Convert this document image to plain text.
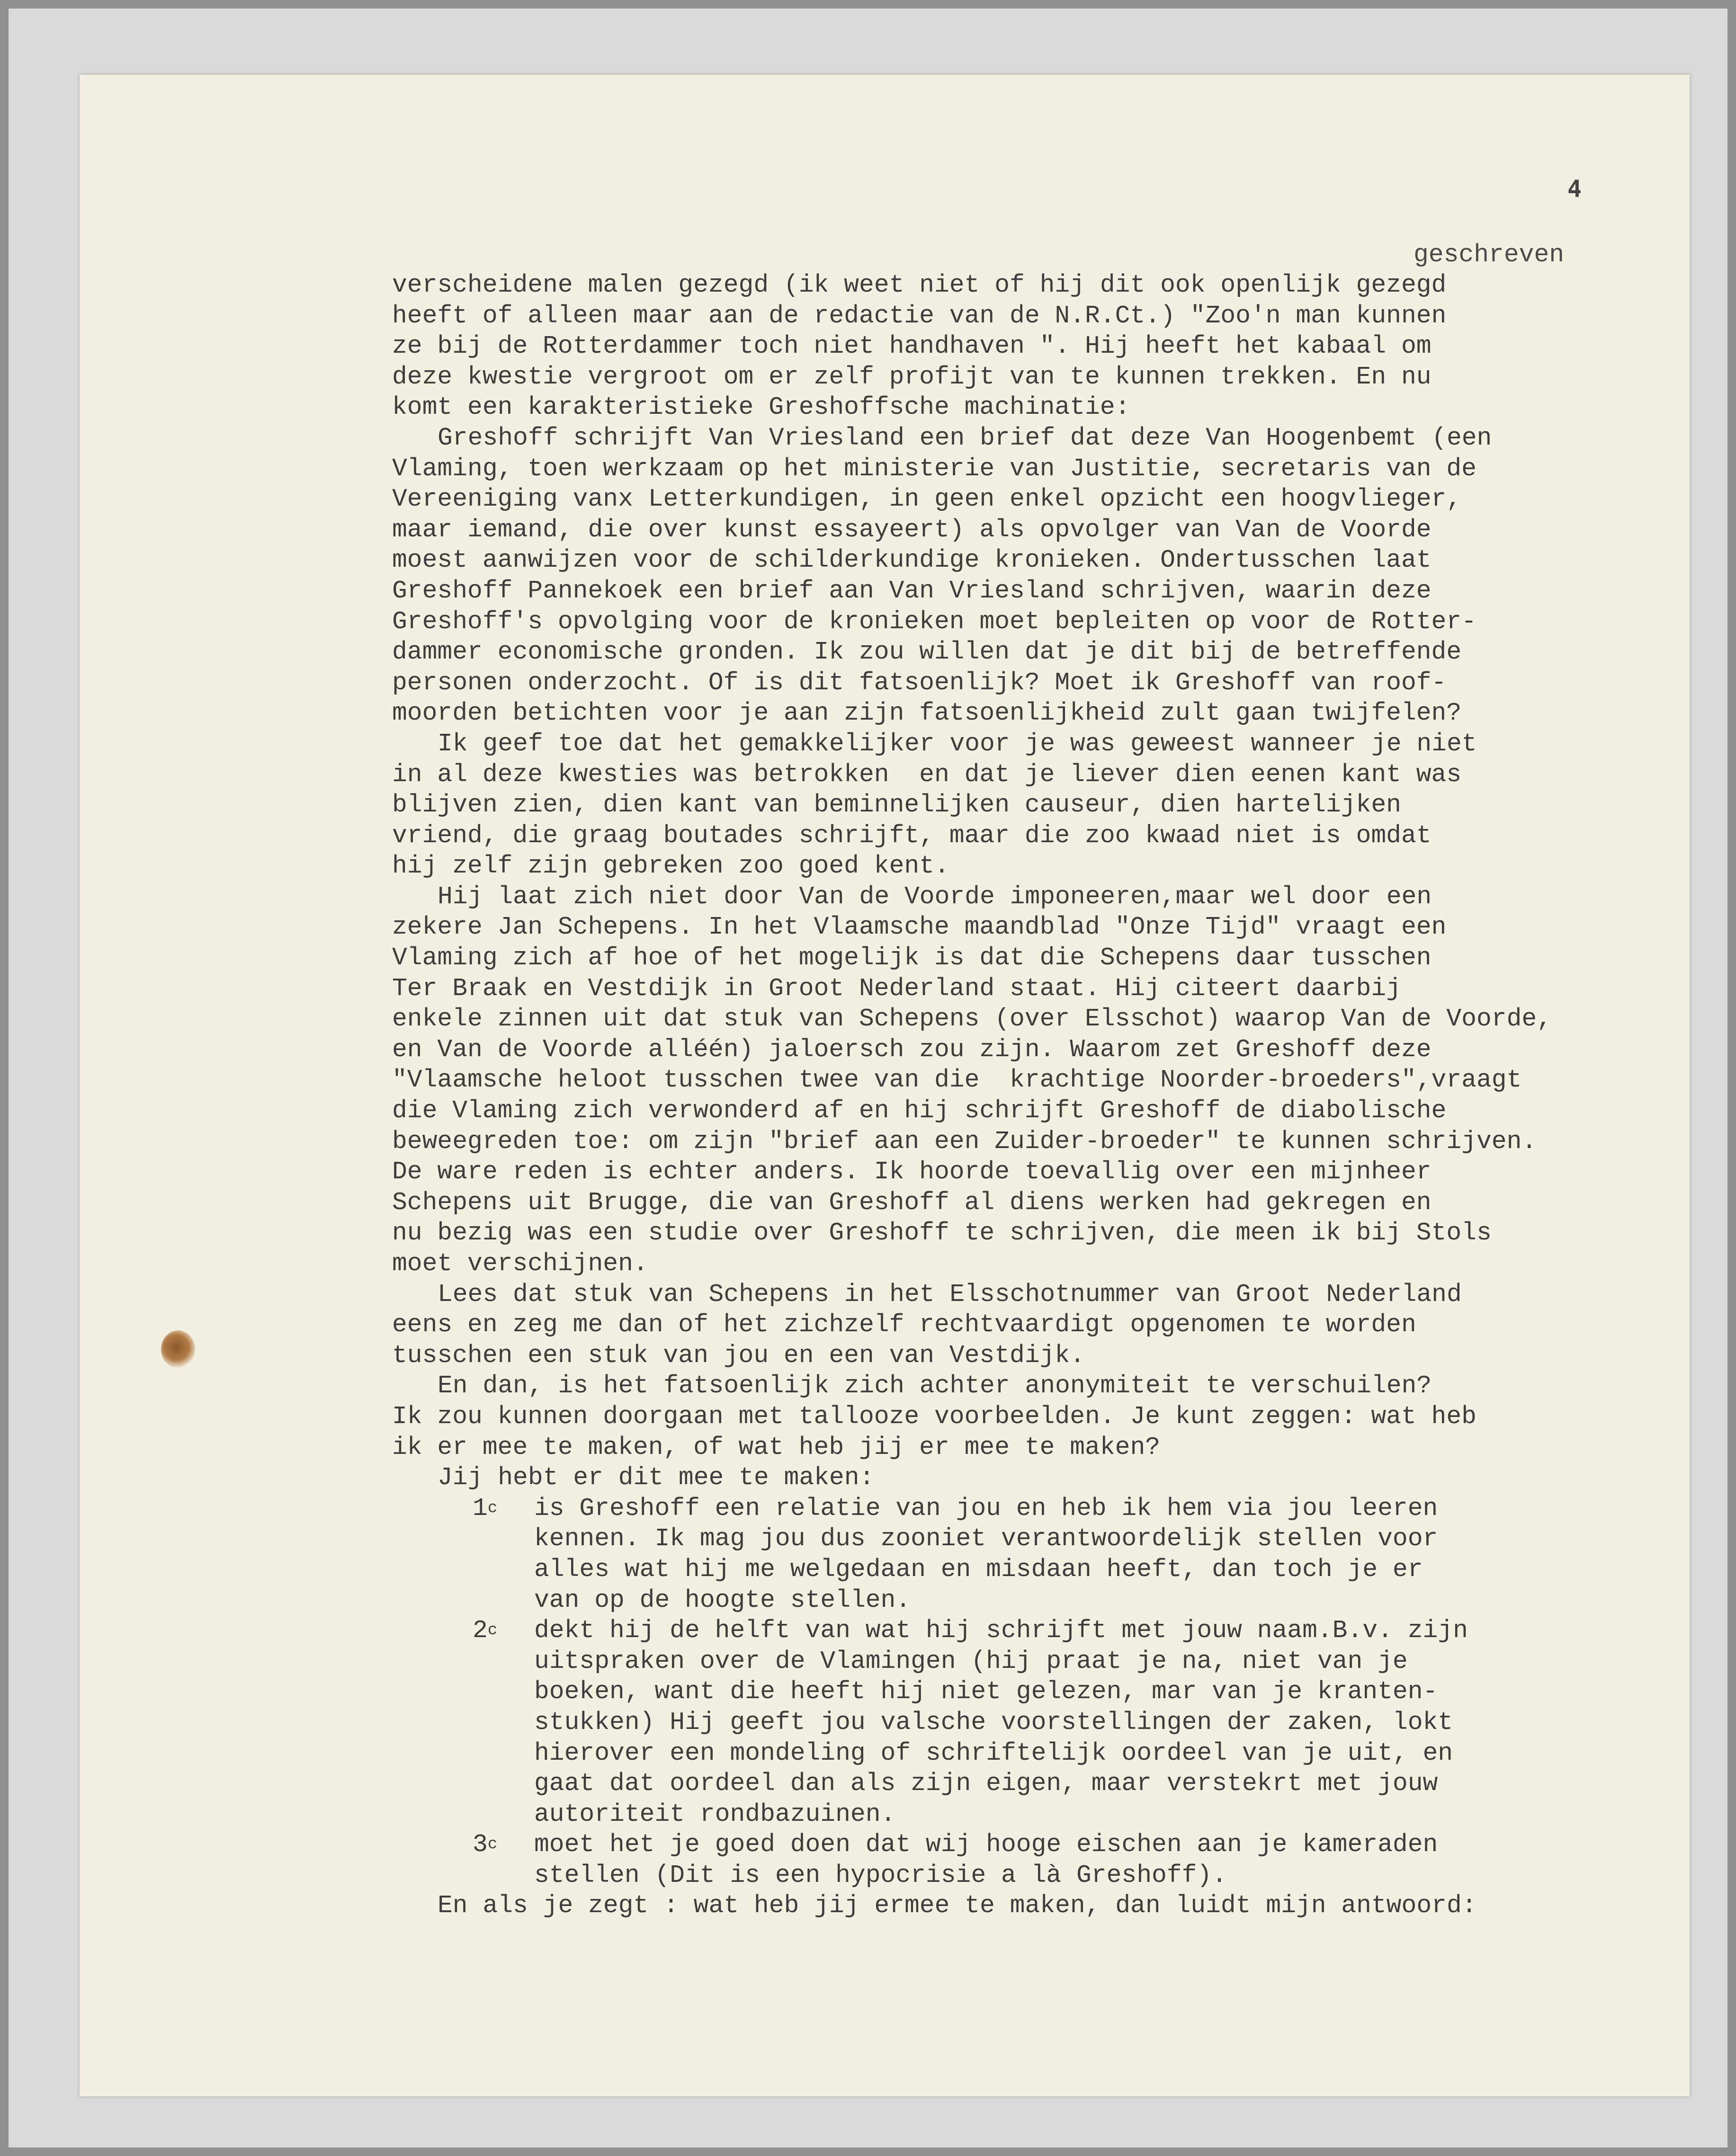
4
geschreven
verscheidene malen gezegd (ik weet niet of hij dit ook openlijk gezegd
heeft of alleen maar aan de redactie van de N.R.Ct.) "Zoo'n man kunnen
ze bij de Rotterdammer toch niet handhaven ". Hij heeft het kabaal om
deze kwestie vergroot om er zelf profijt van te kunnen trekken. En nu
komt een karakteristieke Greshoffsche machinatie:
Greshoff schrijft Van Vriesland een brief dat deze Van Hoogenbemt (een
Vlaming, toen werkzaam op het ministerie van Justitie, secretaris van de
Vereeniging vanx Letterkundigen, in geen enkel opzicht een hoogvlieger,
maar iemand, die over kunst essayeert) als opvolger van Van de Voorde
moest aanwijzen voor de schilderkundige kronieken. Ondertusschen laat
Greshoff Pannekoek een brief aan Van Vriesland schrijven, waarin deze
Greshoff's opvolging voor de kronieken moet bepleiten op voor de Rotter-
dammer economische gronden. Ik zou willen dat je dit bij de betreffende
personen onderzocht. Of is dit fatsoenlijk? Moet ik Greshoff van roof-
moorden betichten voor je aan zijn fatsoenlijkheid zult gaan twijfelen?
Ik geef toe dat het gemakkelijker voor je was geweest wanneer je niet
in al deze kwesties was betrokken  en dat je liever dien eenen kant was
blijven zien, dien kant van beminnelijken causeur, dien hartelijken
vriend, die graag boutades schrijft, maar die zoo kwaad niet is omdat
hij zelf zijn gebreken zoo goed kent.
Hij laat zich niet door Van de Voorde imponeeren,maar wel door een
zekere Jan Schepens. In het Vlaamsche maandblad "Onze Tijd" vraagt een
Vlaming zich af hoe of het mogelijk is dat die Schepens daar tusschen
Ter Braak en Vestdijk in Groot Nederland staat. Hij citeert daarbij
enkele zinnen uit dat stuk van Schepens (over Elsschot) waarop Van de Voorde,
en Van de Voorde alléén) jaloersch zou zijn. Waarom zet Greshoff deze
"Vlaamsche heloot tusschen twee van die  krachtige Noorder-broeders",vraagt
die Vlaming zich verwonderd af en hij schrijft Greshoff de diabolische
beweegreden toe: om zijn "brief aan een Zuider-broeder" te kunnen schrijven.
De ware reden is echter anders. Ik hoorde toevallig over een mijnheer
Schepens uit Brugge, die van Greshoff al diens werken had gekregen en
nu bezig was een studie over Greshoff te schrijven, die meen ik bij Stols
moet verschijnen.
Lees dat stuk van Schepens in het Elsschotnummer van Groot Nederland
eens en zeg me dan of het zichzelf rechtvaardigt opgenomen te worden
tusschen een stuk van jou en een van Vestdijk.
En dan, is het fatsoenlijk zich achter anonymiteit te verschuilen?
Ik zou kunnen doorgaan met tallooze voorbeelden. Je kunt zeggen: wat heb
ik er mee te maken, of wat heb jij er mee te maken?
Jij hebt er dit mee te maken:
1$^c$ is Greshoff een relatie van jou en heb ik hem via jou leeren
kennen. Ik mag jou dus zooniet verantwoordelijk stellen voor
alles wat hij me welgedaan en misdaan heeft, dan toch je er
van op de hoogte stellen.
2$^c$ dekt hij de helft van wat hij schrijft met jouw naam.B.v. zijn
uitspraken over de Vlamingen (hij praat je na, niet van je
boeken, want die heeft hij niet gelezen, mar van je kranten-
stukken) Hij geeft jou valsche voorstellingen der zaken, lokt
hierover een mondeling of schriftelijk oordeel van je uit, en
gaat dat oordeel dan als zijn eigen, maar verstekrt met jouw
autoriteit rondbazuinen.
3$^c$ moet het je goed doen dat wij hooge eischen aan je kameraden
stellen (Dit is een hypocrisie a là Greshoff).
En als je zegt : wat heb jij ermee te maken, dan luidt mijn antwoord:
